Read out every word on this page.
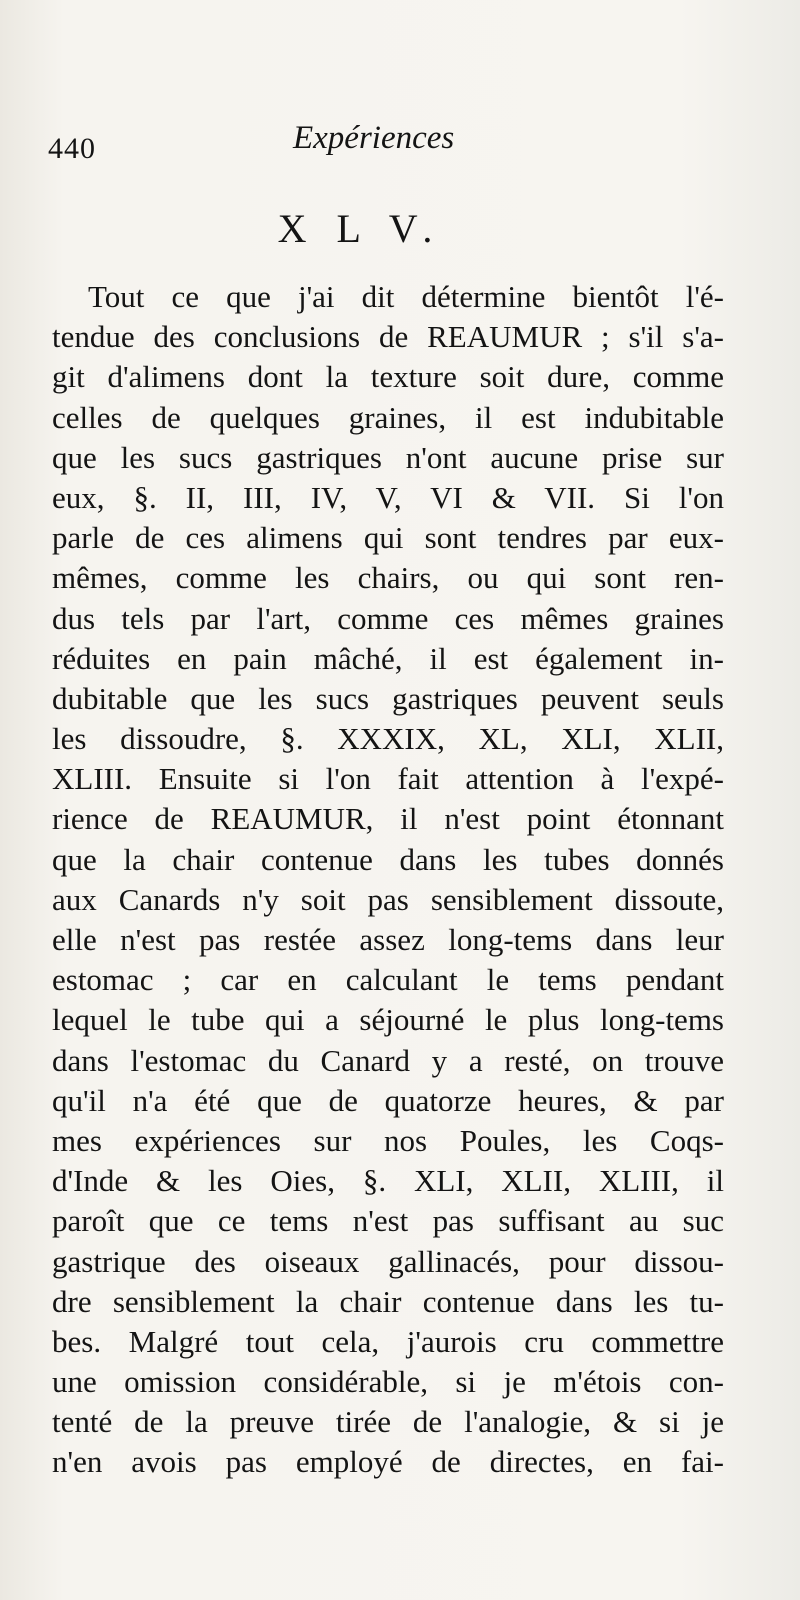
440	Expériences
X L V.
Tout ce que j'ai dit détermine bientôt l'é-
tendue des conclusions de REAUMUR ; s'il s'a-
git d'alimens dont la texture soit dure, comme
celles de quelques graines, il est indubitable
que les sucs gastriques n'ont aucune prise sur
eux, §. II, III, IV, V, VI & VII. Si l'on
parle de ces alimens qui sont tendres par eux-
mêmes, comme les chairs, ou qui sont ren-
dus tels par l'art, comme ces mêmes graines
réduites en pain mâché, il est également in-
dubitable que les sucs gastriques peuvent seuls
les dissoudre, §. XXXIX, XL, XLI, XLII,
XLIII. Ensuite si l'on fait attention à l'expé-
rience de REAUMUR, il n'est point étonnant
que la chair contenue dans les tubes donnés
aux Canards n'y soit pas sensiblement dissoute,
elle n'est pas restée assez long-tems dans leur
estomac ; car en calculant le tems pendant
lequel le tube qui a séjourné le plus long-tems
dans l'estomac du Canard y a resté, on trouve
qu'il n'a été que de quatorze heures, & par
mes expériences sur nos Poules, les Coqs-
d'Inde & les Oies, §. XLI, XLII, XLIII, il
paroît que ce tems n'est pas suffisant au suc
gastrique des oiseaux gallinacés, pour dissou-
dre sensiblement la chair contenue dans les tu-
bes. Malgré tout cela, j'aurois cru commettre
une omission considérable, si je m'étois con-
tenté de la preuve tirée de l'analogie, & si je
n'en avois pas employé de directes, en fai-
